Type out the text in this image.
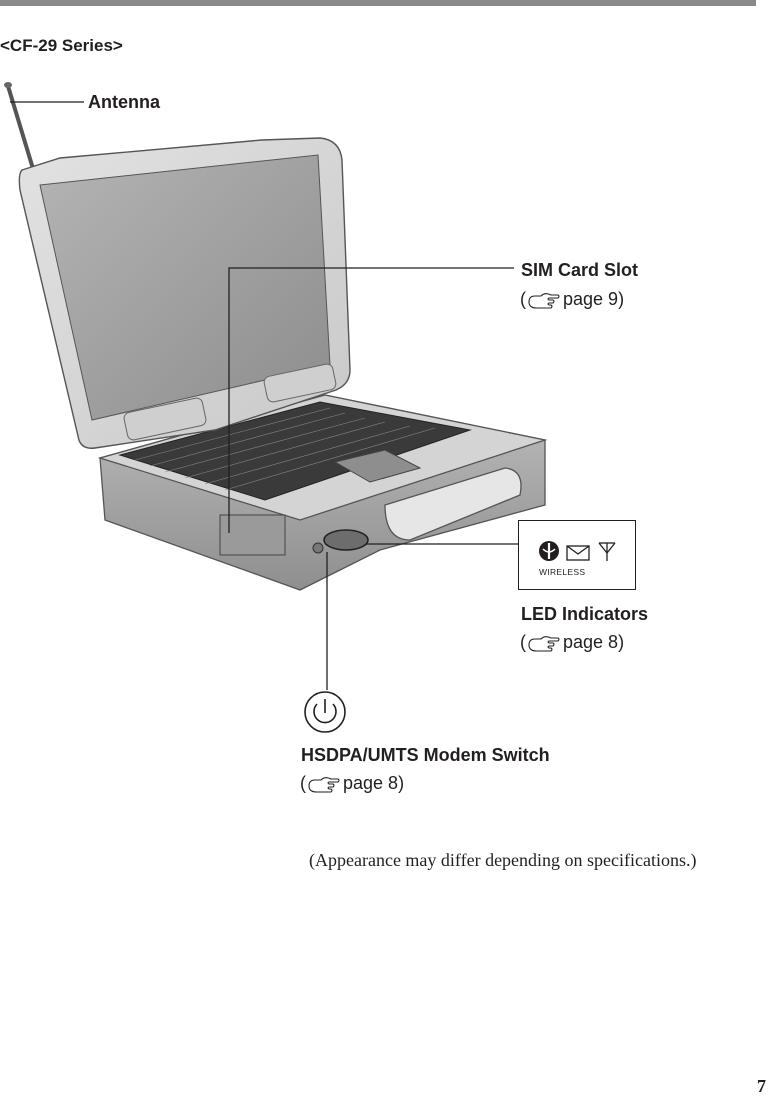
<CF-29 Series>
WIRELESS
Antenna
SIM Card Slot
( page 9 )
LED Indicators
( page 8 )
HSDPA/UMTS Modem Switch
( page 8 )
(Appearance may differ depending on specifications.)
7
